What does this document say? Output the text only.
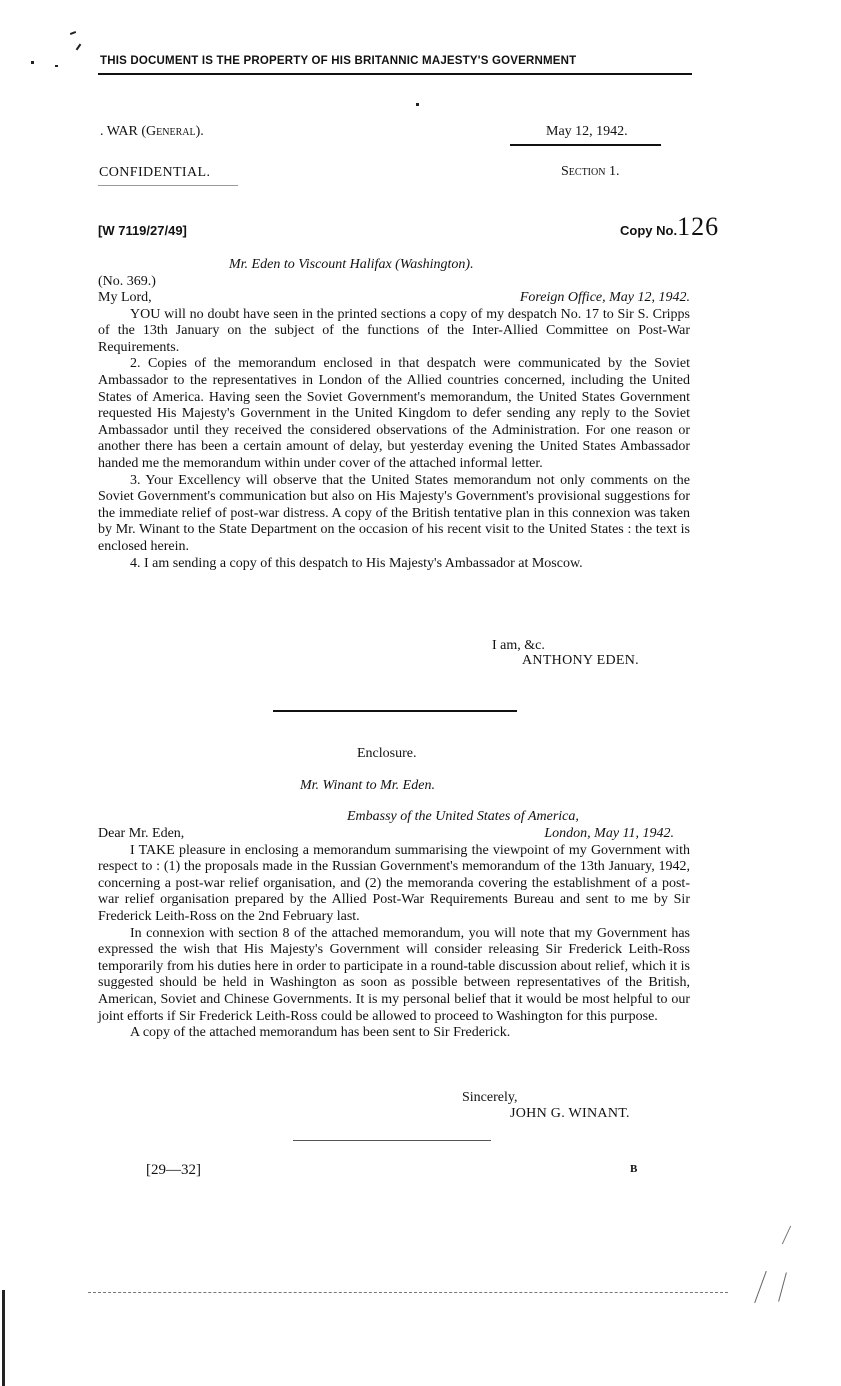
THIS DOCUMENT IS THE PROPERTY OF HIS BRITANNIC MAJESTY'S GOVERNMENT
. WAR (General).	May 12, 1942.
CONFIDENTIAL.	Section 1.
[W 7119/27/49]	Copy No.126
Mr. Eden to Viscount Halifax (Washington).
(No. 369.)
My Lord,	Foreign Office, May 12, 1942.

YOU will no doubt have seen in the printed sections a copy of my despatch No. 17 to Sir S. Cripps of the 13th January on the subject of the functions of the Inter-Allied Committee on Post-War Requirements.

2. Copies of the memorandum enclosed in that despatch were communicated by the Soviet Ambassador to the representatives in London of the Allied countries concerned, including the United States of America. Having seen the Soviet Government's memorandum, the United States Government requested His Majesty's Government in the United Kingdom to defer sending any reply to the Soviet Ambassador until they received the considered observations of the Administration. For one reason or another there has been a certain amount of delay, but yesterday evening the United States Ambassador handed me the memorandum within under cover of the attached informal letter.

3. Your Excellency will observe that the United States memorandum not only comments on the Soviet Government's communication but also on His Majesty's Government's provisional suggestions for the immediate relief of post-war distress. A copy of the British tentative plan in this connexion was taken by Mr. Winant to the State Department on the occasion of his recent visit to the United States : the text is enclosed herein.

4. I am sending a copy of this despatch to His Majesty's Ambassador at Moscow.

I am, &c.
ANTHONY EDEN.
Enclosure.
Mr. Winant to Mr. Eden.
Embassy of the United States of America,
Dear Mr. Eden,	London, May 11, 1942.

I TAKE pleasure in enclosing a memorandum summarising the viewpoint of my Government with respect to : (1) the proposals made in the Russian Government's memorandum of the 13th January, 1942, concerning a post-war relief organisation, and (2) the memoranda covering the establishment of a post-war relief organisation prepared by the Allied Post-War Requirements Bureau and sent to me by Sir Frederick Leith-Ross on the 2nd February last.

In connexion with section 8 of the attached memorandum, you will note that my Government has expressed the wish that His Majesty's Government will consider releasing Sir Frederick Leith-Ross temporarily from his duties here in order to participate in a round-table discussion about relief, which it is suggested should be held in Washington as soon as possible between representatives of the British, American, Soviet and Chinese Governments. It is my personal belief that it would be most helpful to our joint efforts if Sir Frederick Leith-Ross could be allowed to proceed to Washington for this purpose.

A copy of the attached memorandum has been sent to Sir Frederick.

Sincerely,
JOHN G. WINANT.
[29—32]	B
